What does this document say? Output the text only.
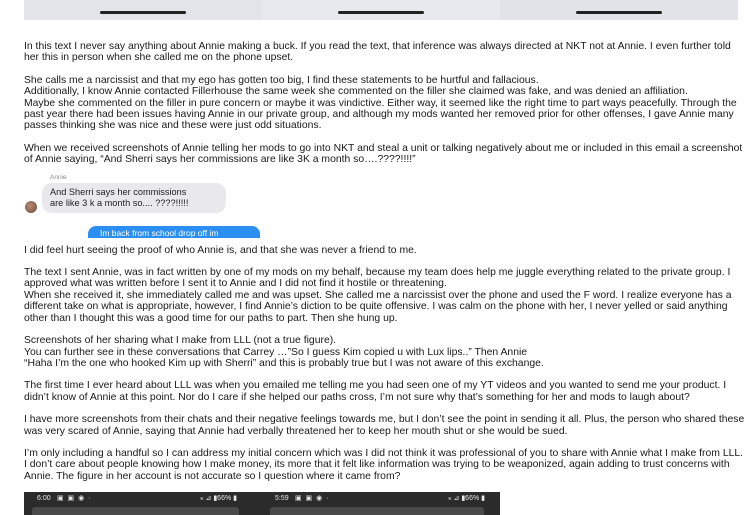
In this text I never say anything about Annie making a buck. If you read the text, that inference was always directed at NKT not at Annie. I even further told her this in person when she called me on the phone upset.

She calls me a narcissist and that my ego has gotten too big, I find these statements to be hurtful and fallacious.
Additionally, I know Annie contacted Fillerhouse the same week she commented on the filler she claimed was fake, and was denied an affiliation.
Maybe she commented on the filler in pure concern or maybe it was vindictive. Either way, it seemed like the right time to part ways peacefully. Through the past year there had been issues having Annie in our private group, and although my mods wanted her removed prior for other offenses, I gave Annie many passes thinking she was nice and these were just odd situations.

When we received screenshots of Annie telling her mods to go into NKT and steal a unit or talking negatively about me or included in this email a screenshot of Annie saying, “And Sherri says her commissions are like 3K a month so….????!!!!”

Annie
And Sherri says her commissions
are like 3 k a month so.... ????!!!!!
Im back from school drop off im

I did feel hurt seeing the proof of who Annie is, and that she was never a friend to me.

The text I sent Annie, was in fact written by one of my mods on my behalf, because my team does help me juggle everything related to the private group. I approved what was written before I sent it to Annie and I did not find it hostile or threatening.
When she received it, she immediately called me and was upset. She called me a narcissist over the phone and used the F word. I realize everyone has a different take on what is appropriate, however, I find Annie’s diction to be quite offensive. I was calm on the phone with her, I never yelled or said anything other than I thought this was a good time for our paths to part. Then she hung up.

Screenshots of her sharing what I make from LLL (not a true figure).
You can further see in these conversations that Carrey …”So I guess Kim copied u with Lux lips..” Then Annie
“Haha I’m the one who hooked Kim up with Sherri” and this is probably true but I was not aware of this exchange.

The first time I ever heard about LLL was when you emailed me telling me you had seen one of my YT videos and you wanted to send me your product. I didn’t know of Annie at this point. Nor do I care if she helped our paths cross, I’m not sure why that’s something for her and mods to laugh about?

I have more screenshots from their chats and their negative feelings towards me, but I don’t see the point in sending it all. Plus, the person who shared these was very scared of Annie, saying that Annie had verbally threatened her to keep her mouth shut or she would be sued.

I’m only including a handful so I can address my initial concern which was I did not think it was professional of you to share with Annie what I make from LLL. I don’t care about people knowing how I make money, its more that it felt like information was trying to be weaponized, again adding to trust concerns with Annie. The figure in her account is not accurate so I question where it came from?

6:00 ▣ ▣ ◉ ·	⁎ ⊿ ▮66% ▮	5:59 ▣ ▣ ◉ ·	⁎ ⊿ ▮66% ▮
